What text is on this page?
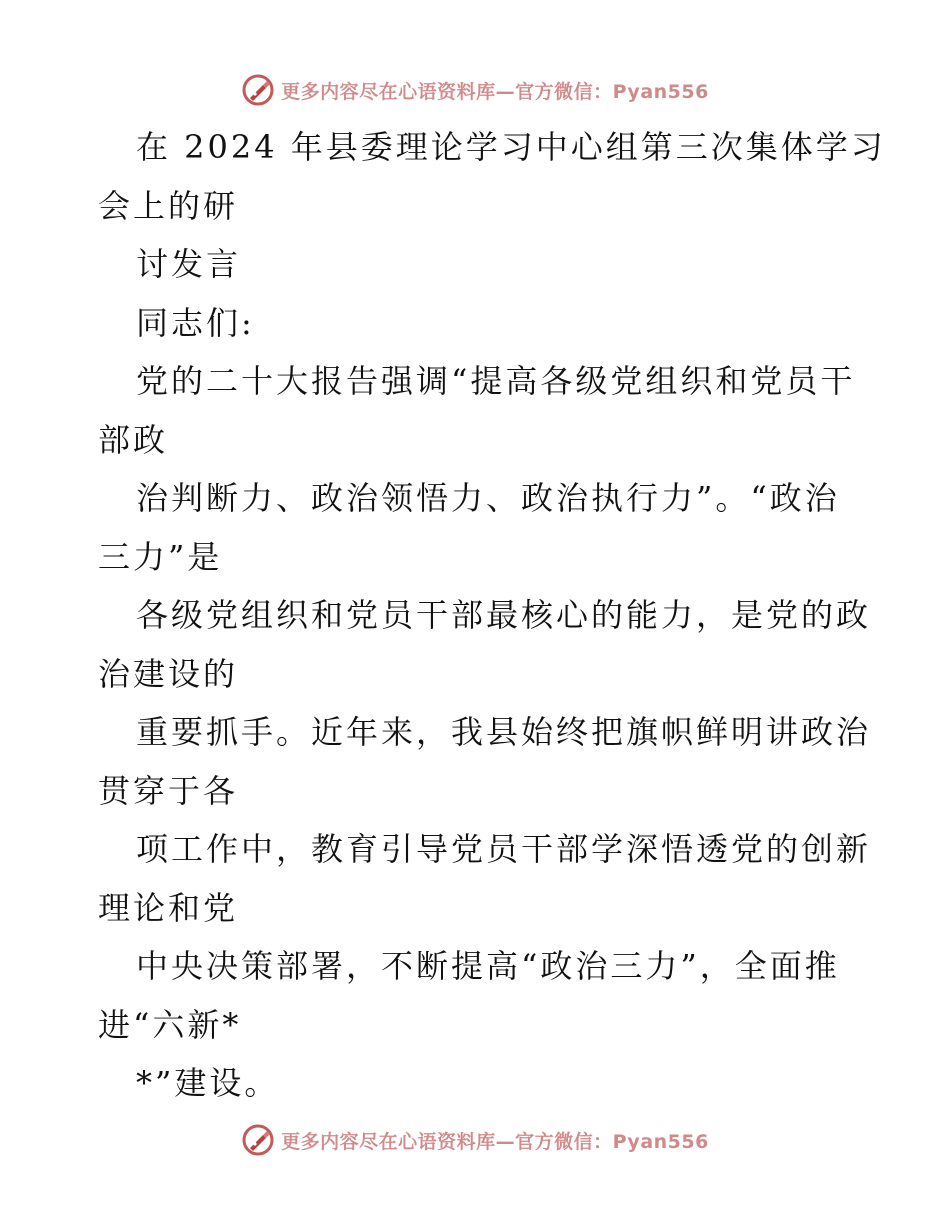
更多内容尽在心语资料库—官方微信：Pyan556
在 2024 年县委理论学习中心组第三次集体学习
会上的研
讨发言
同志们:
党的二十大报告强调“提高各级党组织和党员干
部政
治判断力、政治领悟力、政治执行力”。“政治
三力”是
各级党组织和党员干部最核心的能力，是党的政
治建设的
重要抓手。近年来，我县始终把旗帜鲜明讲政治
贯穿于各
项工作中，教育引导党员干部学深悟透党的创新
理论和党
中央决策部署，不断提高“政治三力”，全面推
进“六新*
*”建设。
更多内容尽在心语资料库—官方微信：Pyan556
